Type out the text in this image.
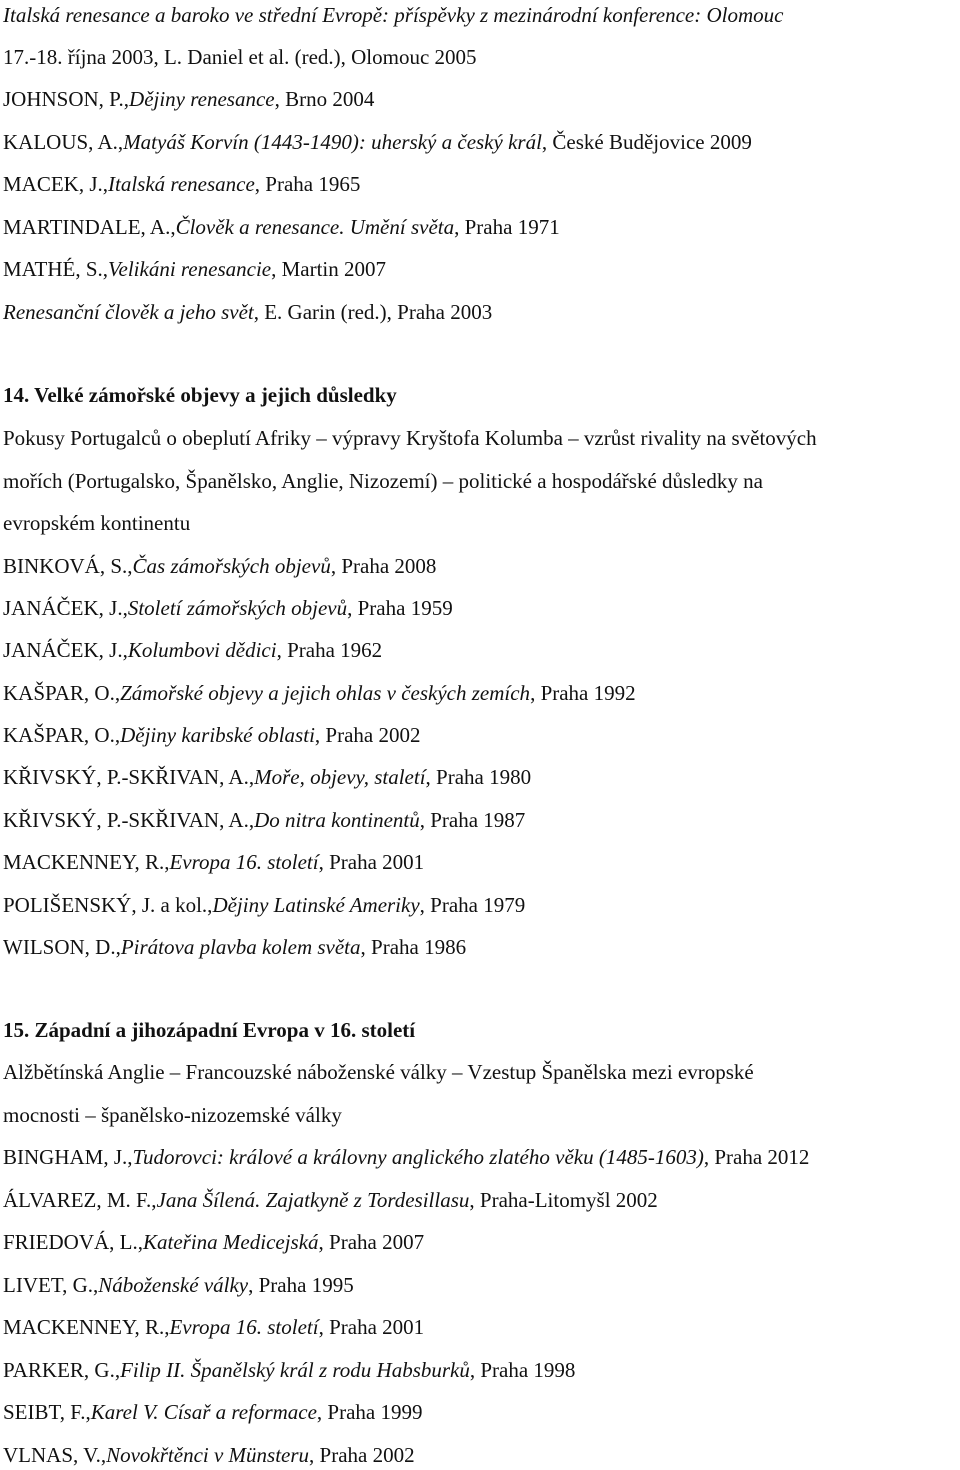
Italská renesance a baroko ve střední Evropě: příspěvky z mezinárodní konference: Olomouc
17.-18. října 2003, L. Daniel et al. (red.), Olomouc 2005
JOHNSON, P.,Dějiny renesance, Brno 2004
KALOUS, A.,Matyáš Korvín (1443-1490): uherský a český král, České Budějovice 2009
MACEK, J.,Italská renesance, Praha 1965
MARTINDALE, A.,Člověk a renesance. Umění světa, Praha 1971
MATHÉ, S.,Velikáni renesancie, Martin 2007
Renesanční člověk a jeho svět, E. Garin (red.), Praha 2003
14. Velké zámořské objevy a jejich důsledky
Pokusy Portugalců o obeplutí Afriky – výpravy Kryštofa Kolumba – vzrůst rivality na světových
mořích (Portugalsko, Španělsko, Anglie, Nizozemí) – politické a hospodářské důsledky na
evropském kontinentu
BINKOVÁ, S.,Čas zámořských objevů, Praha 2008
JANÁČEK, J.,Století zámořských objevů, Praha 1959
JANÁČEK, J.,Kolumbovi dědici, Praha 1962
KAŠPAR, O.,Zámořské objevy a jejich ohlas v českých zemích, Praha 1992
KAŠPAR, O.,Dějiny karibské oblasti, Praha 2002
KŘIVSKÝ, P.-SKŘIVAN, A.,Moře, objevy, staletí, Praha 1980
KŘIVSKÝ, P.-SKŘIVAN, A.,Do nitra kontinentů, Praha 1987
MACKENNEY, R.,Evropa 16. století, Praha 2001
POLIŠENSKÝ, J. a kol.,Dějiny Latinské Ameriky, Praha 1979
WILSON, D.,Pirátova plavba kolem světa, Praha 1986
15. Západní a jihozápadní Evropa v 16. století
Alžbětínská Anglie – Francouzské náboženské války – Vzestup Španělska mezi evropské
mocnosti – španělsko-nizozemské války
BINGHAM, J.,Tudorovci: králové a královny anglického zlatého věku (1485-1603), Praha 2012
ÁLVAREZ, M. F.,Jana Šílená. Zajatkyně z Tordesillasu, Praha-Litomyšl 2002
FRIEDOVÁ, L.,Kateřina Medicejská, Praha 2007
LIVET, G.,Náboženské války, Praha 1995
MACKENNEY, R.,Evropa 16. století, Praha 2001
PARKER, G.,Filip II. Španělský král z rodu Habsburků, Praha 1998
SEIBT, F.,Karel V. Císař a reformace, Praha 1999
VLNAS, V.,Novokřtěnci v Münsteru, Praha 2002
